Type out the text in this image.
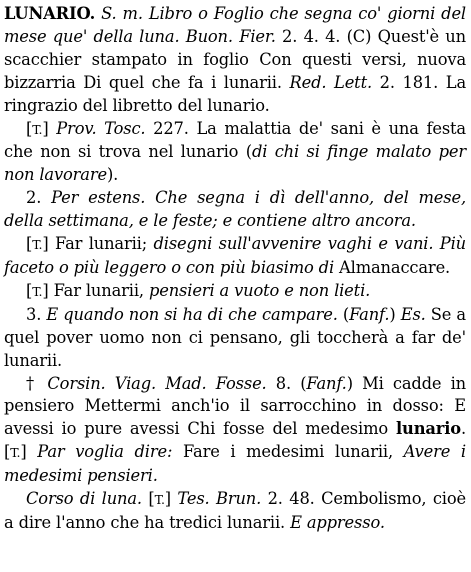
LUNARIO. S. m. Libro o Foglio che segna co' giorni del mese que' della luna. Buon. Fier. 2. 4. 4. (C) Quest'è un scacchier stampato in foglio Con questi versi, nuova bizzarria Di quel che fa i lunarii. Red. Lett. 2. 181. La ringrazio del libretto del lunario.

[T.] Prov. Tosc. 227. La malattia de' sani è una festa che non si trova nel lunario (di chi si finge malato per non lavorare).

2. Per estens. Che segna i dì dell'anno, del mese, della settimana, e le feste; e contiene altro ancora.

[T.] Far lunarii; disegni sull'avvenire vaghi e vani. Più faceto o più leggero o con più biasimo di Almanaccare.

[T.] Far lunarii, pensieri a vuoto e non lieti.

3. E quando non si ha di che campare. (Fanf.) Es. Se a quel pover uomo non ci pensano, gli toccherà a far de' lunarii.

† Corsin. Viag. Mad. Fosse. 8. (Fanf.) Mi cadde in pensiero Mettermi anch'io il sarrocchino in dosso: E avessi io pure avessi Chi fosse del medesimo lunario. [T.] Par voglia dire: Fare i medesimi lunarii, Avere i medesimi pensieri.

Corso di luna. [T.] Tes. Brun. 2. 48. Cembolismo, cioè a dire l'anno che ha tredici lunarii. E appresso.
